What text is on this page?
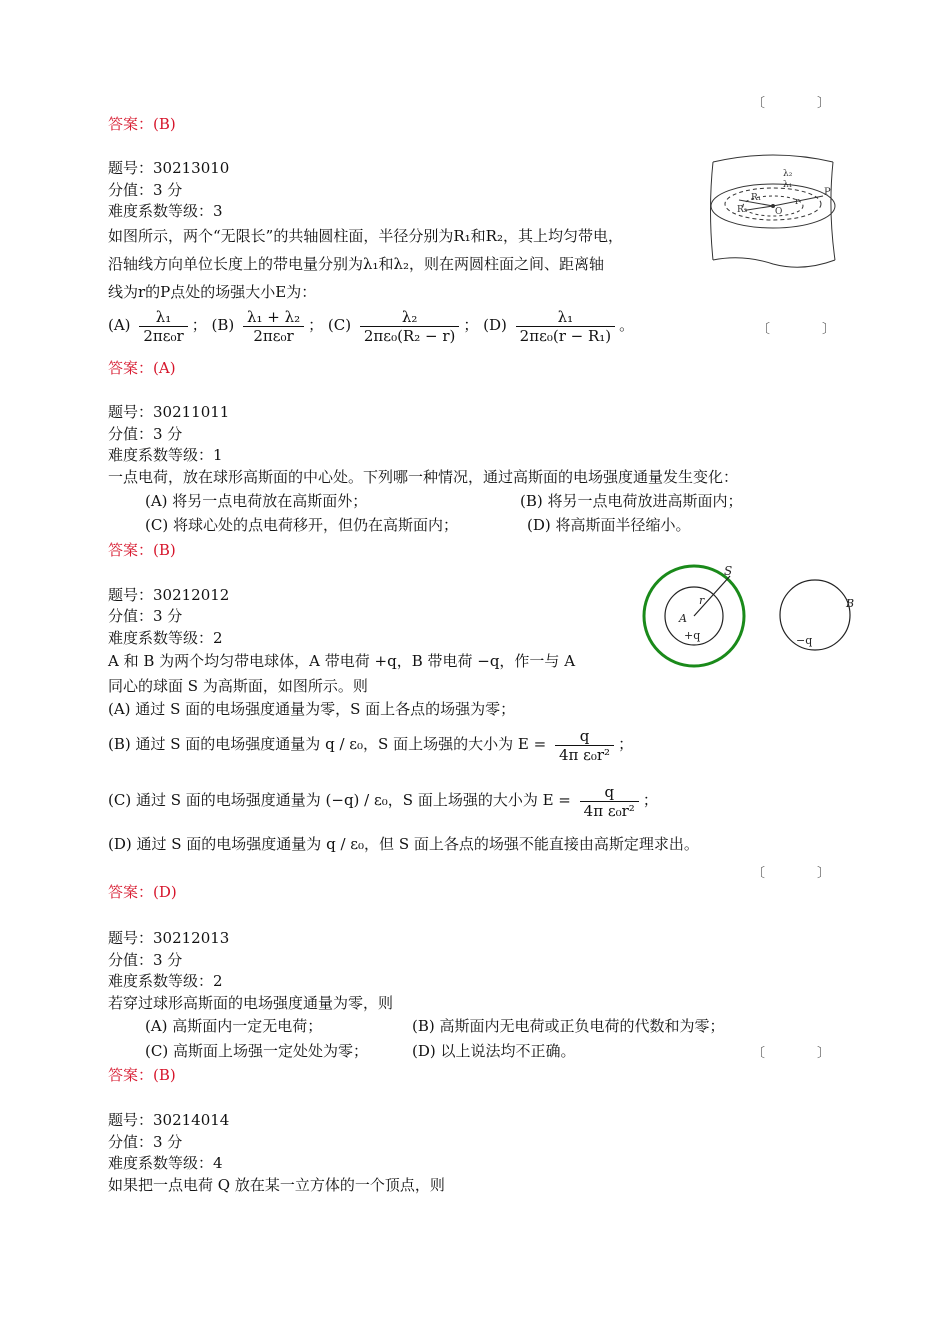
〔　　　　〕
答案：(B)
题号：30213010
分值：3 分
难度系数等级：3
如图所示，两个“无限长”的共轴圆柱面，半径分别为R₁和R₂，其上均匀带电，
沿轴线方向单位长度上的带电量分别为λ₁和λ₂，则在两圆柱面之间、距离轴
线为r的P点处的场强大小E为：
$(A) \frac{\text{λ₁}}{\text{2πε₀r}}$ ； $(B) \frac{\text{λ₁ + λ₂}}{\text{2πε₀r}}$ ； $(C) \frac{\text{λ₂}}{\text{2πε₀(R₂ − r)}}$ ； $(D) \frac{\text{λ₁}}{\text{2πε₀(r − R₁)}}$ 。	〔　　　　〕
答案：(A)
λ₂
λ₁
R₁
R₂	O
r
P
题号：30211011
分值：3 分
难度系数等级：1
一点电荷，放在球形高斯面的中心处。下列哪一种情况，通过高斯面的电场强度通量发生变化：
(A) 将另一点电荷放在高斯面外；	(B) 将另一点电荷放进高斯面内；
(C) 将球心处的点电荷移开，但仍在高斯面内；	(D) 将高斯面半径缩小。
答案：(B)
题号：30212012
分值：3 分
难度系数等级：2
A 和 B 为两个均匀带电球体，A 带电荷 +q，B 带电荷 −q，作一与 A
同心的球面 S 为高斯面，如图所示。则
(A) 通过 S 面的电场强度通量为零，S 面上各点的场强为零；
(B) 通过 S 面的电场强度通量为 q / ε₀，S 面上场强的大小为 $E = \frac{q}{\text{4π ε₀r²}}$ ；
(C) 通过 S 面的电场强度通量为 (−q) / ε₀，S 面上场强的大小为 $E = \frac{q}{\text{4π ε₀r²}}$ ；
(D) 通过 S 面的电场强度通量为 q / ε₀，但 S 面上各点的场强不能直接由高斯定理求出。
〔　　　　〕
答案：(D)
S
r
A
+q
B
−q
题号：30212013
分值：3 分
难度系数等级：2
若穿过球形高斯面的电场强度通量为零，则
(A) 高斯面内一定无电荷；	(B) 高斯面内无电荷或正负电荷的代数和为零；
(C) 高斯面上场强一定处处为零；	(D) 以上说法均不正确。	〔　　　　〕
答案：(B)
题号：30214014
分值：3 分
难度系数等级：4
如果把一点电荷 Q 放在某一立方体的一个顶点，则
